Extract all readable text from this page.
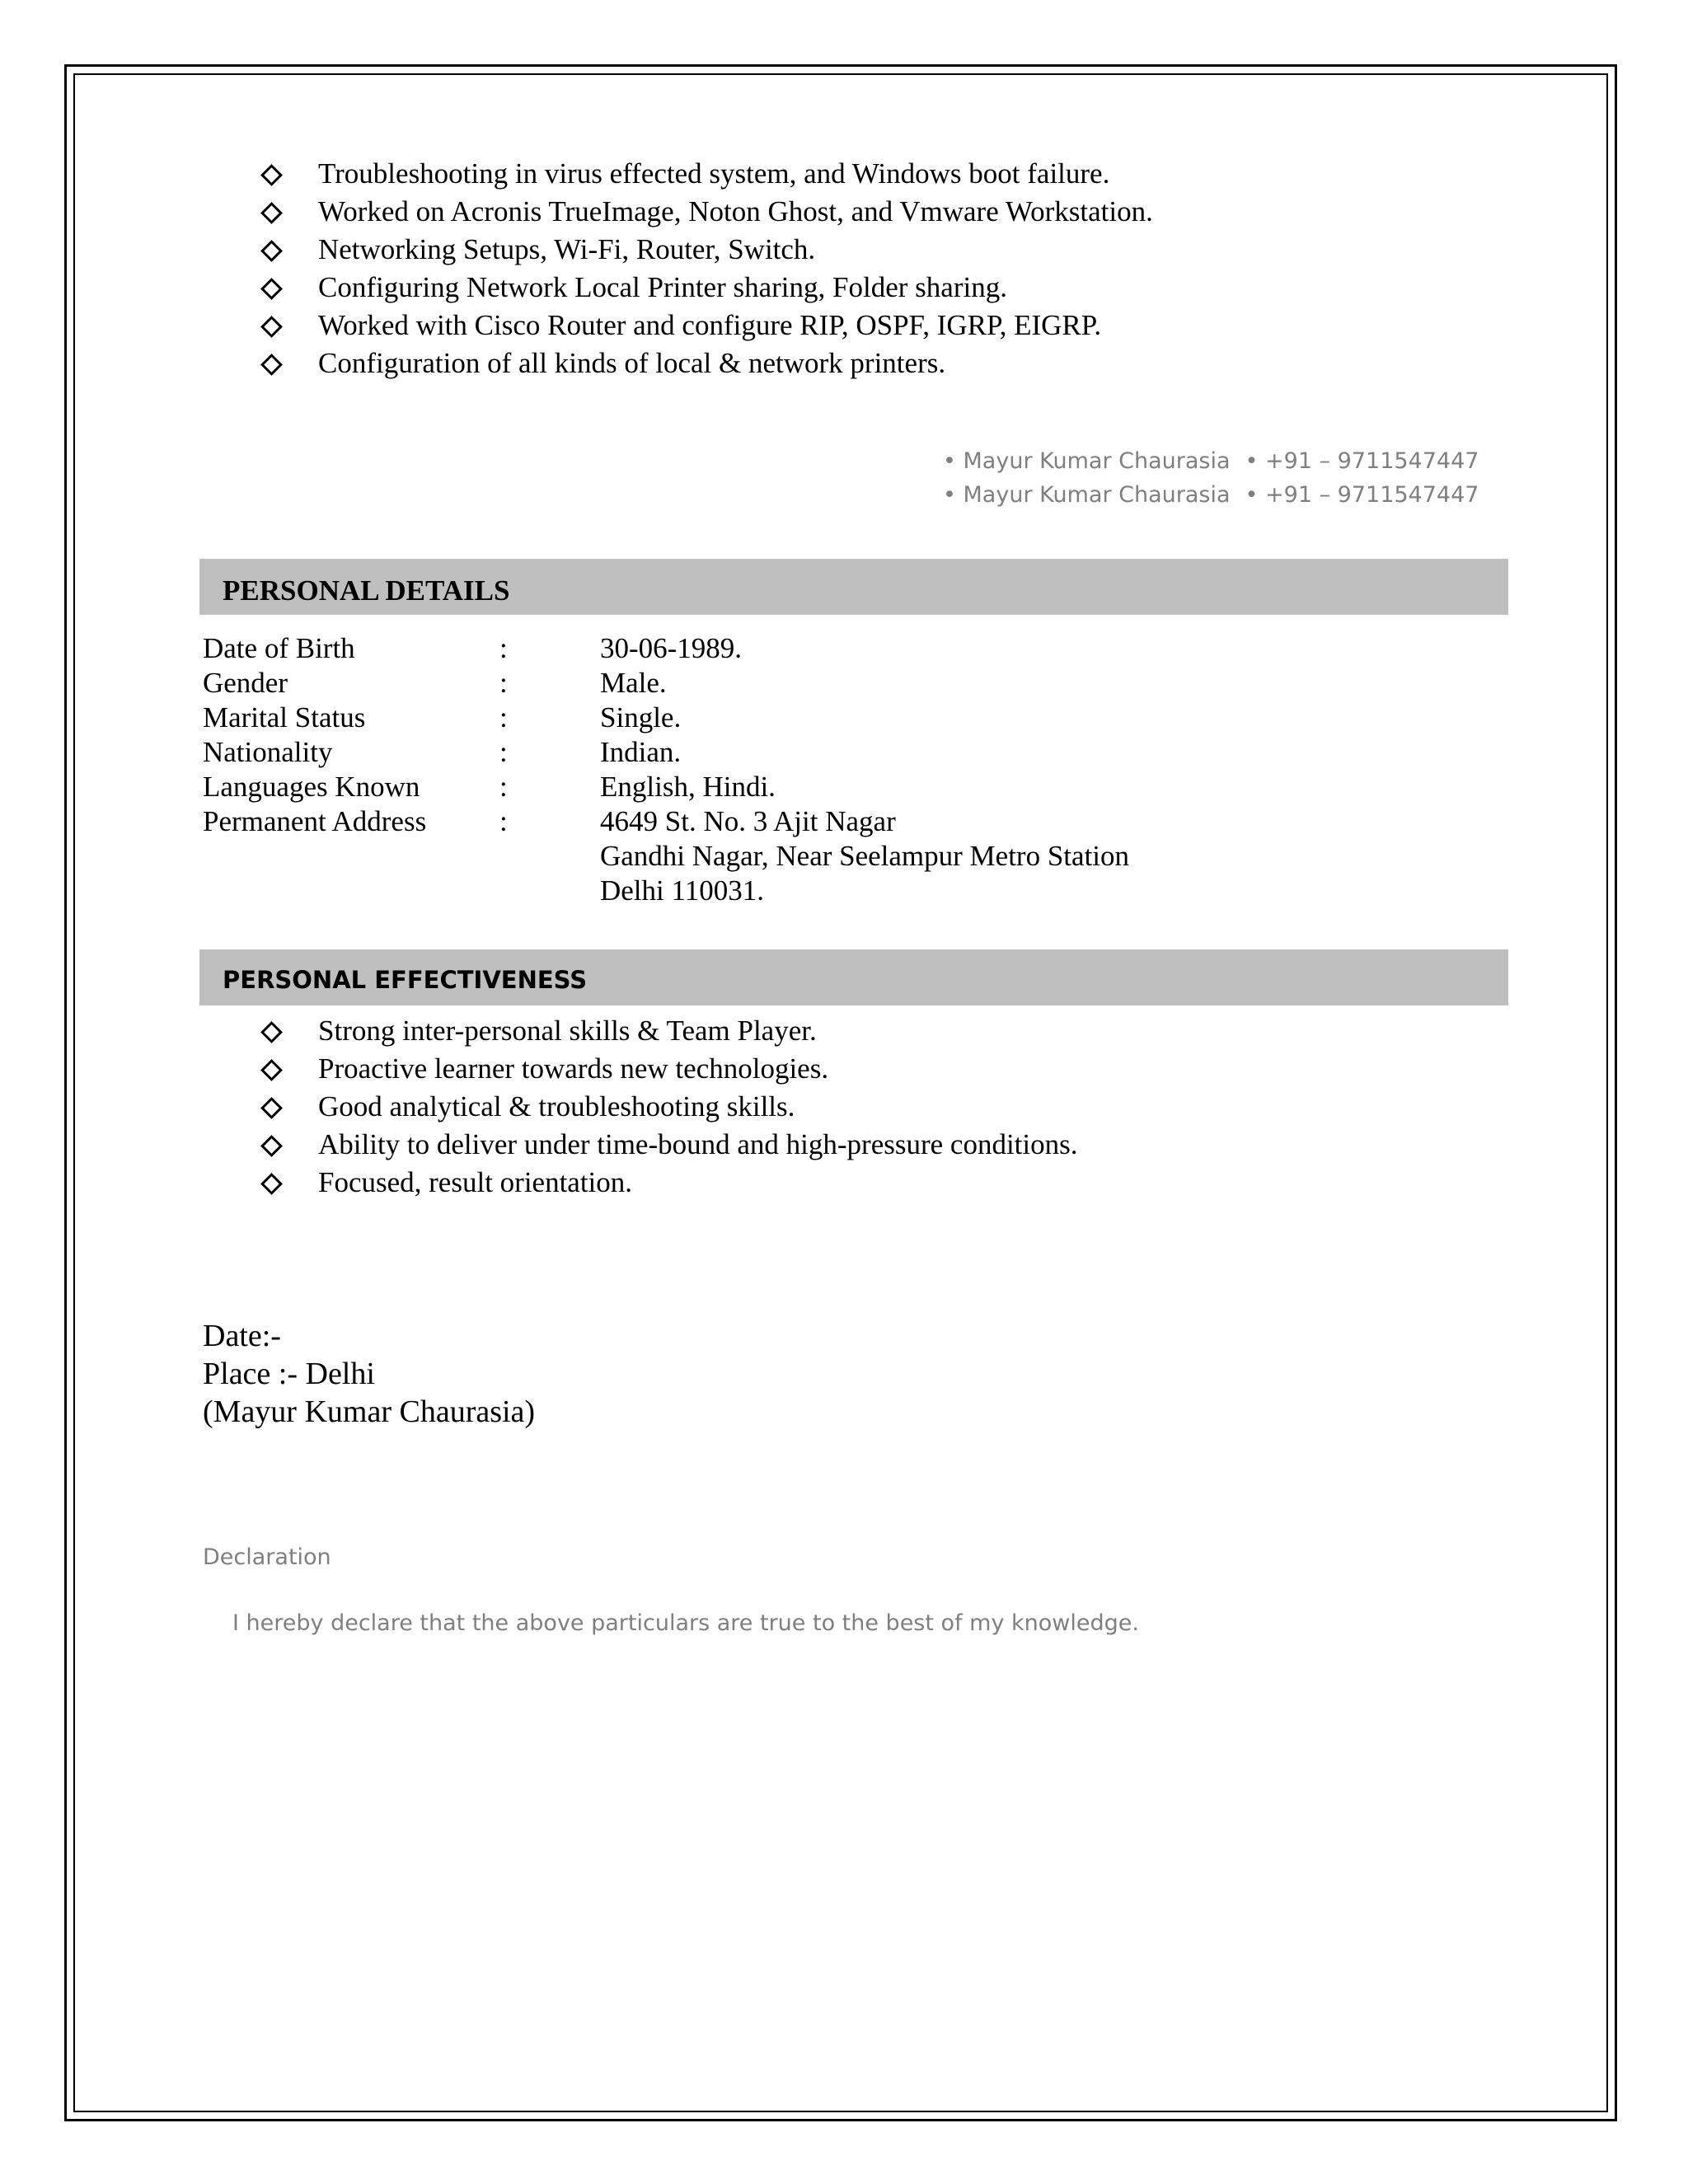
Troubleshooting in virus effected system, and Windows boot failure.
Worked on Acronis TrueImage, Noton Ghost, and Vmware Workstation.
Networking Setups, Wi-Fi, Router, Switch.
Configuring Network Local Printer sharing, Folder sharing.
Worked with Cisco Router and configure RIP, OSPF, IGRP, EIGRP.
Configuration of all kinds of local & network printers.
• Mayur Kumar Chaurasia • +91 – 9711547447
• Mayur Kumar Chaurasia • +91 – 9711547447
PERSONAL DETAILS
Date of Birth	:	30-06-1989.
Gender	:	Male.
Marital Status	:	Single.
Nationality	:	Indian.
Languages Known	:	English, Hindi.
Permanent Address	:	4649 St. No. 3 Ajit Nagar
Gandhi Nagar, Near Seelampur Metro Station
Delhi 110031.
PERSONAL EFFECTIVENESS
Strong inter-personal skills & Team Player.
Proactive learner towards new technologies.
Good analytical & troubleshooting skills.
Ability to deliver under time-bound and high-pressure conditions.
Focused, result orientation.
Date:-
Place :- Delhi
(Mayur Kumar Chaurasia)
Declaration
I hereby declare that the above particulars are true to the best of my knowledge.
